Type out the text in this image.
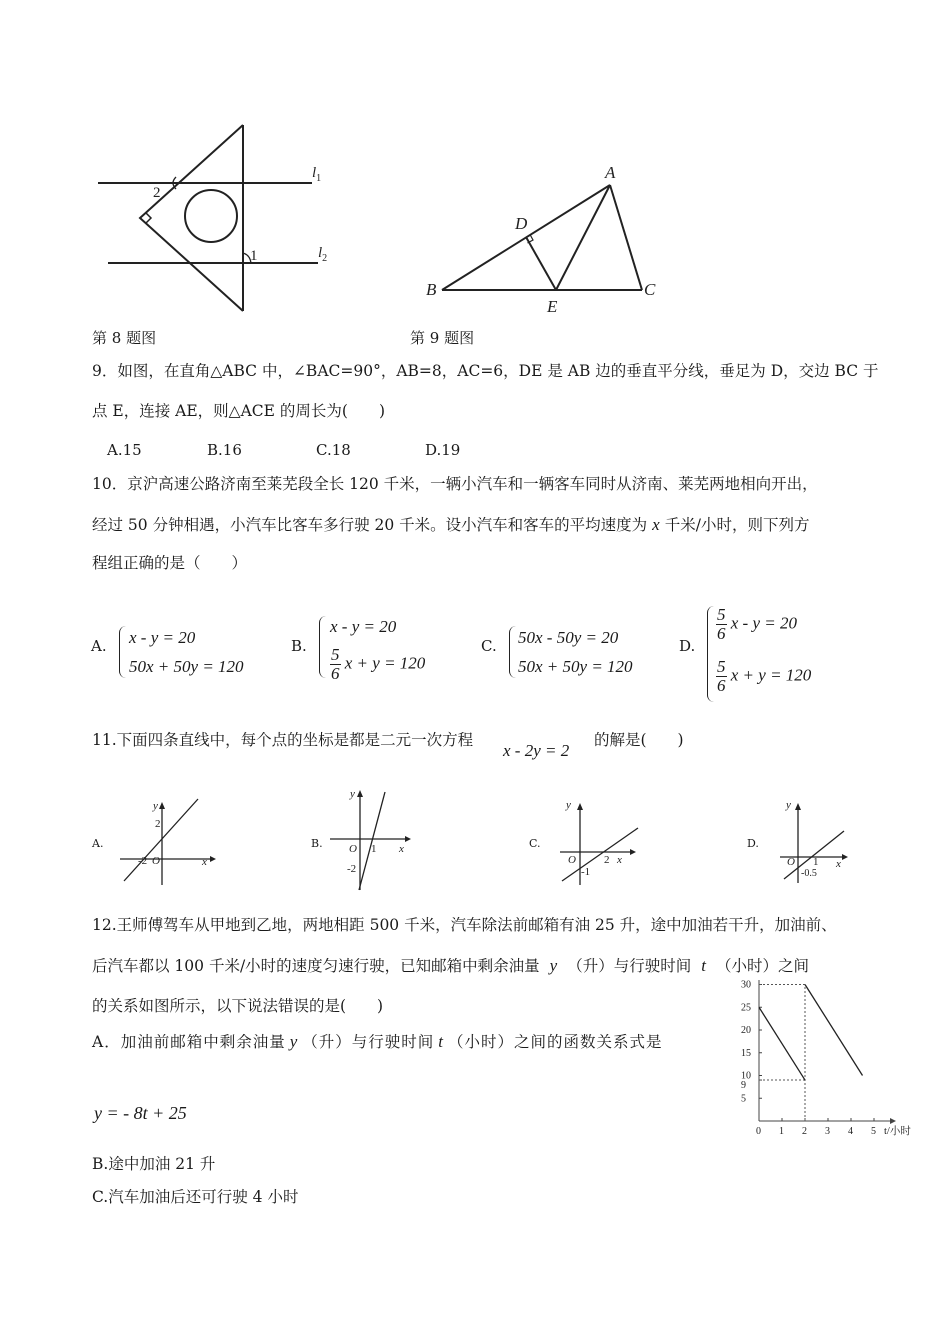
2
1
$l_1$
$l_2$
第 8 题图
A
B	C
D
E
第 9 题图
9．如图，在直角△ABC 中，∠BAC=90°，AB=8，AC=6，DE 是 AB 边的垂直平分线，垂足为 D，交边 BC 于
点 E，连接 AE，则△ACE 的周长为(　　)
A.15	B.16	C.18	D.19
10．京沪高速公路济南至莱芜段全长 120 千米，一辆小汽车和一辆客车同时从济南、莱芜两地相向开出，
经过 50 分钟相遇，小汽车比客车多行驶 20 千米。设小汽车和客车的平均速度为 x 千米/小时，则下列方
程组正确的是（　　）
A. x - y = 20
50x + 50y = 120
B.
x - y = 20
$\frac{5}{6}$ x + y = 120
C. 50x - 50y = 20
50x + 50y = 120
D.
$\frac{5}{6}$ x - y = 20
$\frac{5}{6}$ x + y = 120
11.下面四条直线中，每个点的坐标是都是二元一次方程
x - 2y = 2
的解是(　　)
A.
x
y
2
-2 O
B.	x
y
1
-2
O	C.
x
y
2
-1
O
D.
x
y
1
-0.5
O
12.王师傅驾车从甲地到乙地，两地相距 500 千米，汽车除法前邮箱有油 25 升，途中加油若干升，加油前、
后汽车都以 100 千米/小时的速度匀速行驶，已知邮箱中剩余油量 y （升）与行驶时间 t （小时）之间
的关系如图所示，以下说法错误的是(　　)
A．加油前邮箱中剩余油量 y （升）与行驶时间 t （小时）之间的函数关系式是
y = - 8t + 25
B.途中加油 21 升
C.汽车加油后还可行驶 4 小时
t/小时
0 1 2 3 4 5
5
9
10
15
20
25
30
